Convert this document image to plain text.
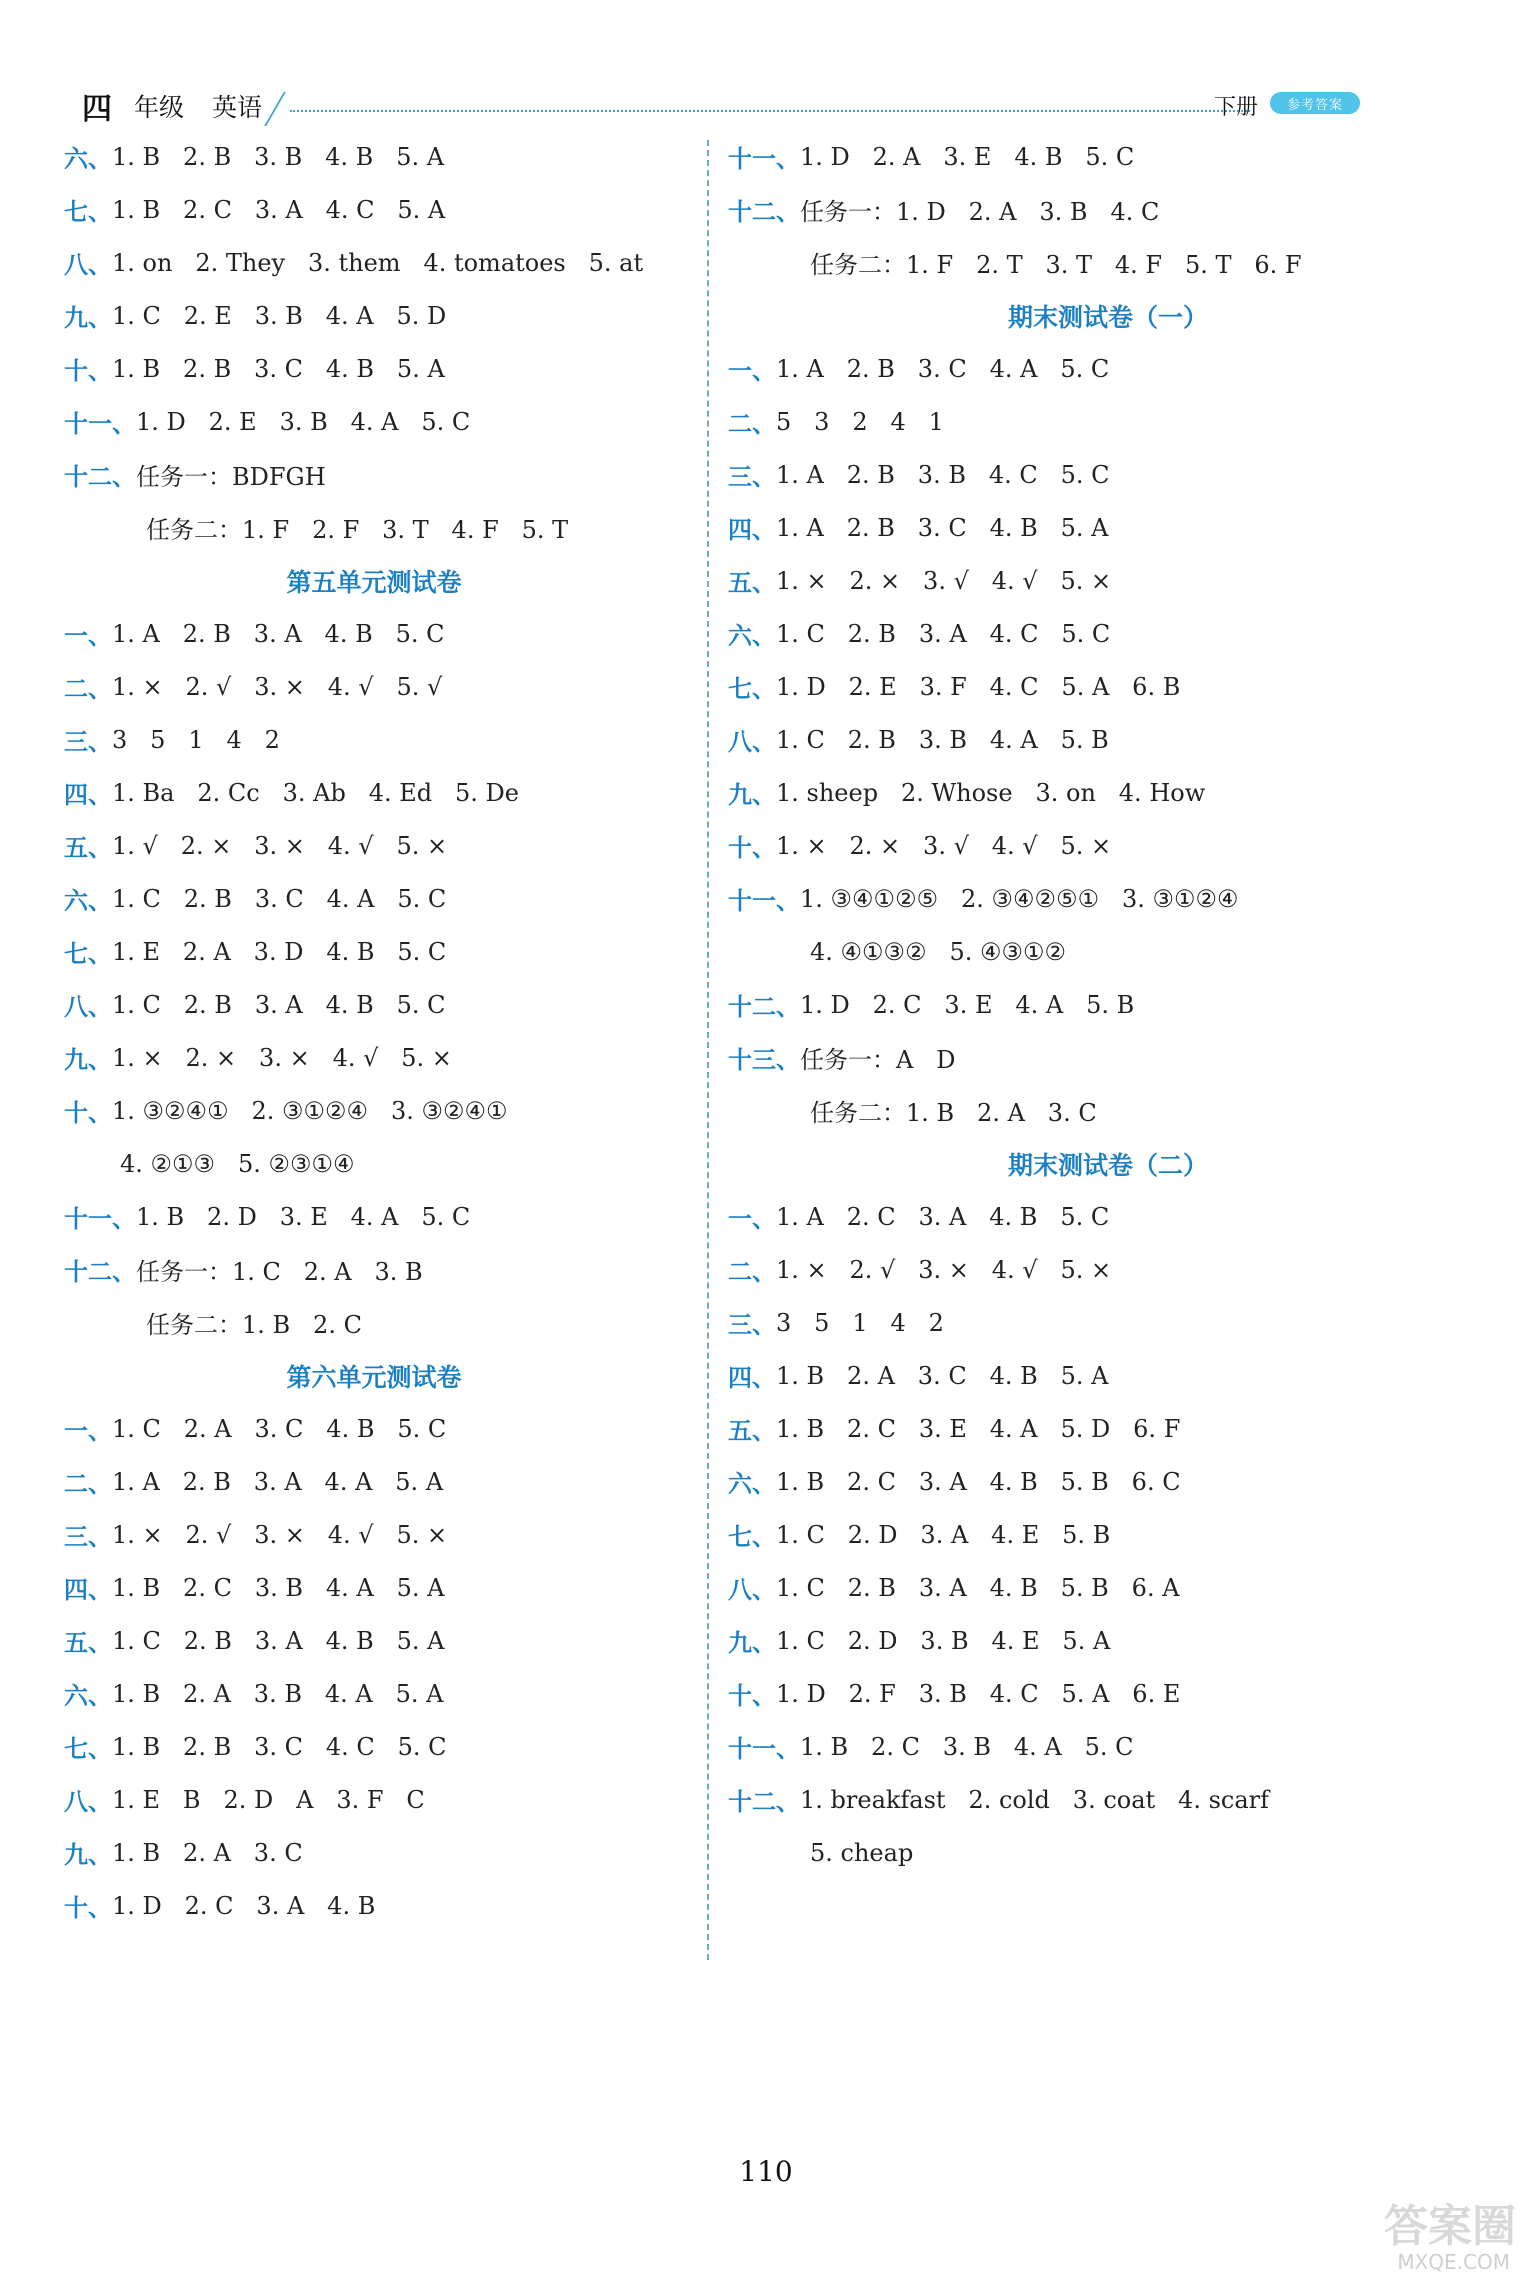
四 年级 英语	下册 参考答案
六、 1. B   2. B   3. B   4. B   5. A
七、 1. B   2. C   3. A   4. C   5. A
八、 1. on   2. They   3. them   4. tomatoes   5. at
九、 1. C   2. E   3. B   4. A   5. D
十、 1. B   2. B   3. C   4. B   5. A
十一、 1. D   2. E   3. B   4. A   5. C
十二、 任务一：BDFGH
任务二：1. F   2. F   3. T   4. F   5. T
第五单元测试卷
一、 1. A   2. B   3. A   4. B   5. C
二、 1. ×   2. √   3. ×   4. √   5. √
三、 3   5   1   4   2
四、 1. Ba   2. Cc   3. Ab   4. Ed   5. De
五、 1. √   2. ×   3. ×   4. √   5. ×
六、 1. C   2. B   3. C   4. A   5. C
七、 1. E   2. A   3. D   4. B   5. C
八、 1. C   2. B   3. A   4. B   5. C
九、 1. ×   2. ×   3. ×   4. √   5. ×
十、 1. ③②④①   2. ③①②④   3. ③②④①
4. ②①③   5. ②③①④
十一、 1. B   2. D   3. E   4. A   5. C
十二、 任务一：1. C   2. A   3. B
任务二：1. B   2. C
第六单元测试卷
一、 1. C   2. A   3. C   4. B   5. C
二、 1. A   2. B   3. A   4. A   5. A
三、 1. ×   2. √   3. ×   4. √   5. ×
四、 1. B   2. C   3. B   4. A   5. A
五、 1. C   2. B   3. A   4. B   5. A
六、 1. B   2. A   3. B   4. A   5. A
七、 1. B   2. B   3. C   4. C   5. C
八、 1. E   B   2. D   A   3. F   C
九、 1. B   2. A   3. C
十、 1. D   2. C   3. A   4. B
十一、 1. D   2. A   3. E   4. B   5. C
十二、 任务一：1. D   2. A   3. B   4. C
任务二：1. F   2. T   3. T   4. F   5. T   6. F
期末测试卷（一）
一、 1. A   2. B   3. C   4. A   5. C
二、 5   3   2   4   1
三、 1. A   2. B   3. B   4. C   5. C
四、 1. A   2. B   3. C   4. B   5. A
五、 1. ×   2. ×   3. √   4. √   5. ×
六、 1. C   2. B   3. A   4. C   5. C
七、 1. D   2. E   3. F   4. C   5. A   6. B
八、 1. C   2. B   3. B   4. A   5. B
九、 1. sheep   2. Whose   3. on   4. How
十、 1. ×   2. ×   3. √   4. √   5. ×
十一、 1. ③④①②⑤   2. ③④②⑤①   3. ③①②④
4. ④①③②   5. ④③①②
十二、 1. D   2. C   3. E   4. A   5. B
十三、 任务一：A   D
任务二：1. B   2. A   3. C
期末测试卷（二）
一、 1. A   2. C   3. A   4. B   5. C
二、 1. ×   2. √   3. ×   4. √   5. ×
三、 3   5   1   4   2
四、 1. B   2. A   3. C   4. B   5. A
五、 1. B   2. C   3. E   4. A   5. D   6. F
六、 1. B   2. C   3. A   4. B   5. B   6. C
七、 1. C   2. D   3. A   4. E   5. B
八、 1. C   2. B   3. A   4. B   5. B   6. A
九、 1. C   2. D   3. B   4. E   5. A
十、 1. D   2. F   3. B   4. C   5. A   6. E
十一、 1. B   2. C   3. B   4. A   5. C
十二、 1. breakfast   2. cold   3. coat   4. scarf
5. cheap
110
答案圈
MXQE.COM
